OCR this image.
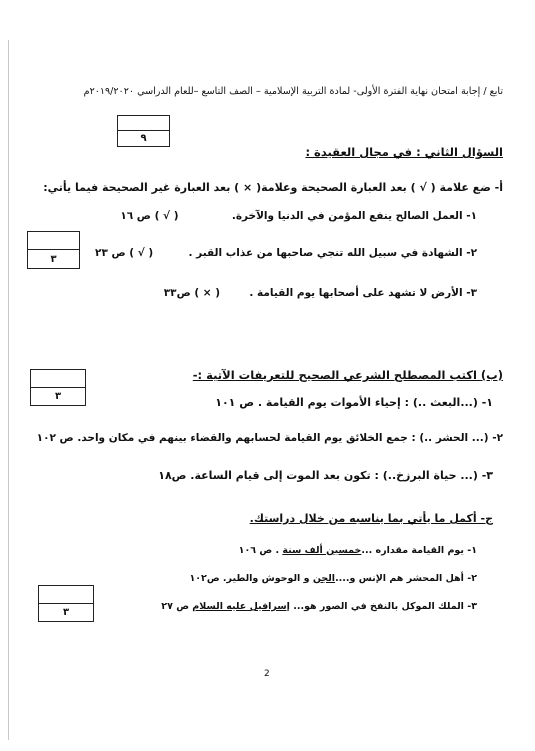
تابع / إجابة امتحان نهاية الفترة الأولى- لمادة التربية الإسلامية – الصف التاسع –للعام الدراسي ٢٠١٩/٢٠٢٠م
٩
السؤال الثاني : في مجال العقيدة :
أ- ضع علامة ( √ ) بعد العبارة الصحيحة وعلامة( × ) بعد العبارة غير الصحيحة فيما يأتي:
١- العمل الصالح ينفع المؤمن في الدنيا والآخرة.  ( √ ) ص ١٦
٣	٢- الشهادة في سبيل الله تنجي صاحبها من عذاب القبر .  ( √ ) ص ٢٣
٣- الأرض لا تشهد على أصحابها يوم القيامة .  ( × ) ص٣٣
٣
(ب) اكتب المصطلح الشرعي الصحيح للتعريفات الآتية :-
١- (...البعث ..) : إحياء الأموات يوم القيامة . ص ١٠١
٢- (... الحشر ..) : جمع الخلائق يوم القيامة لحسابهم والقضاء بينهم في مكان واحد. ص ١٠٢
٣- (... حياة البرزخ..) : تكون بعد الموت إلى قيام الساعة. ص١٨
ج- أكمل ما يأتي بما يناسبه من خلال دراستك.
١- يوم القيامة مقداره ...خمسين ألف سنة . ص ١٠٦
٢- أهل المحشر هم الإنس و....الجن و الوحوش والطير. ص١٠٢
٣
٣- الملك الموكل بالنفخ في الصور هو... إسرافيل عليه السلام ص ٢٧
2
